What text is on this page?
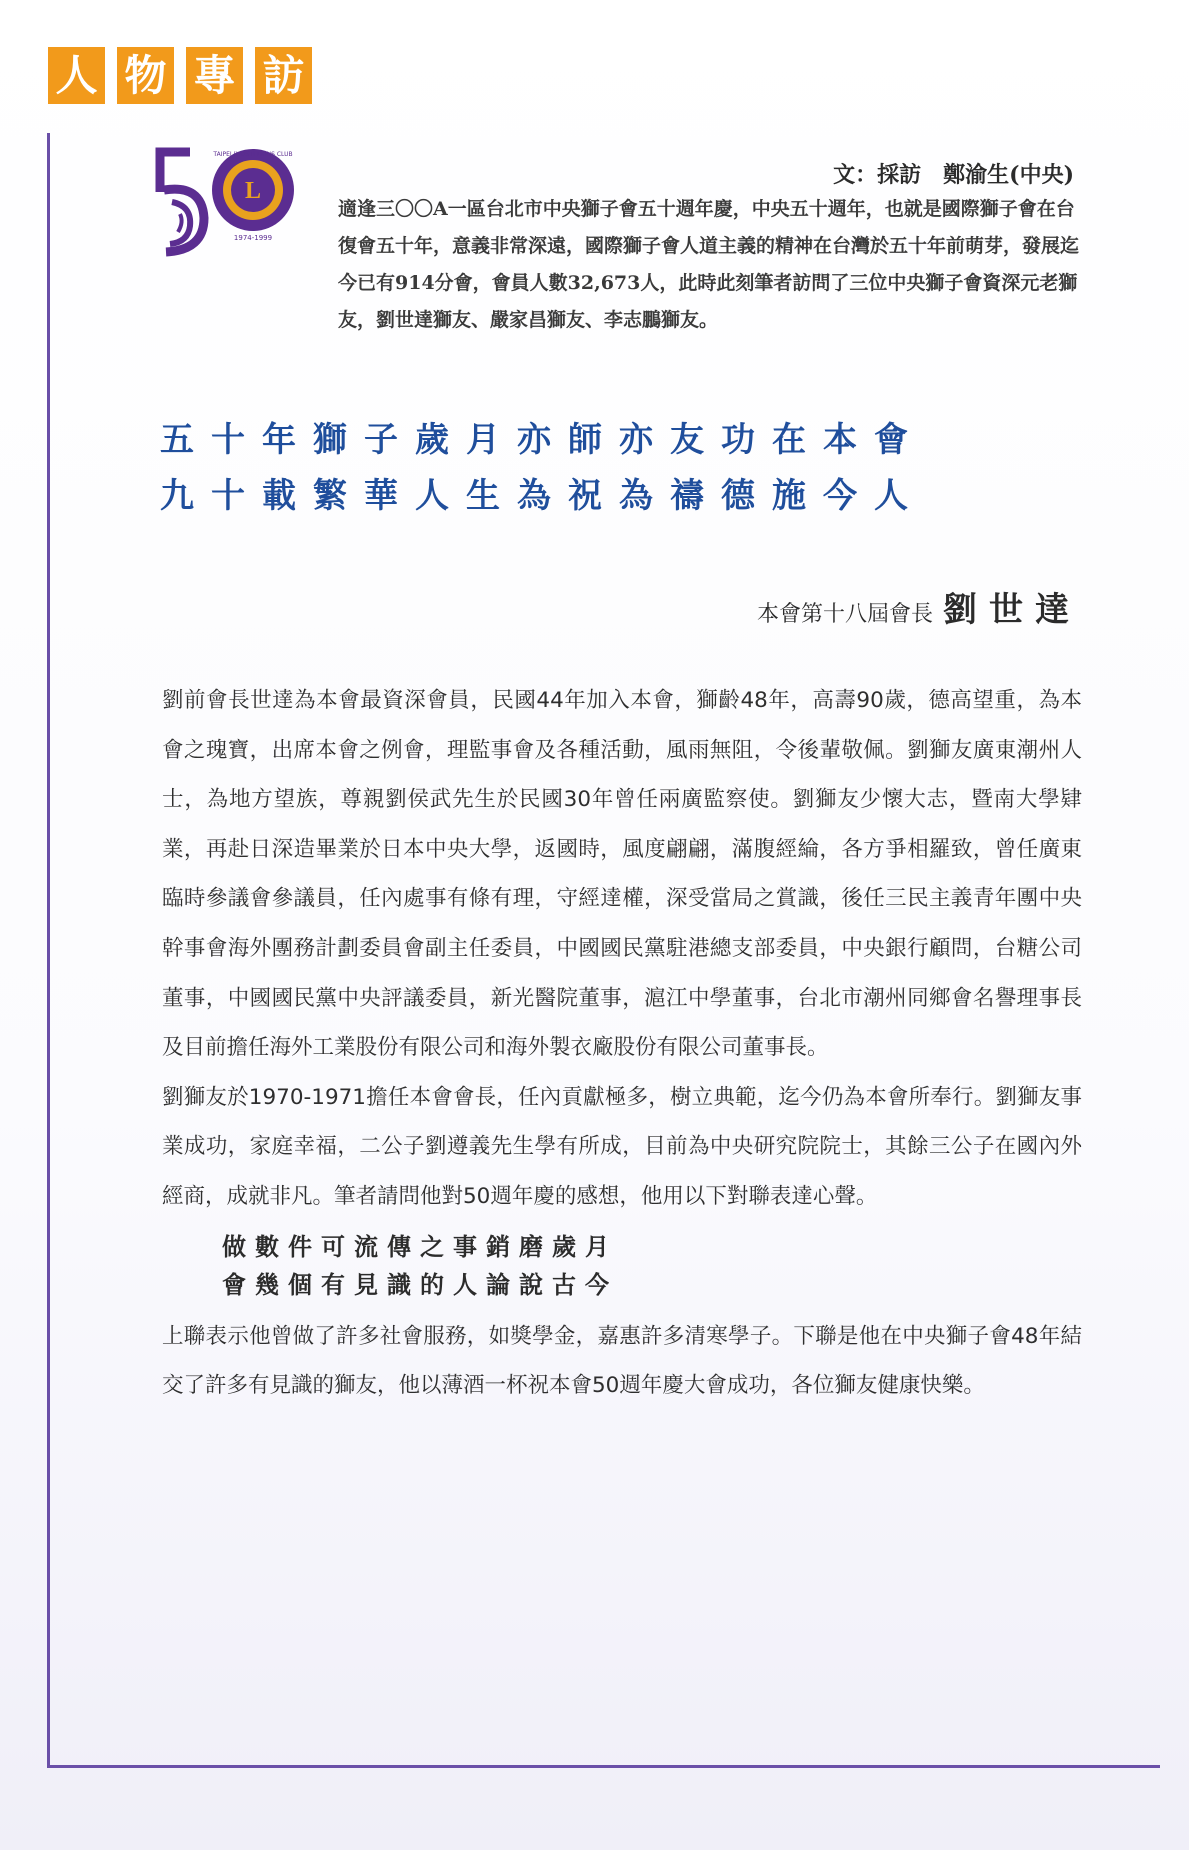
人 物 專 訪
L
TAIPEI (HOST) LIONS CLUB
1974-1999
文：採訪　鄭渝生(中央)

適逢三〇〇A一區台北市中央獅子會五十週年慶，中央五十週年，也就是國際獅子會在台復會五十年，意義非常深遠，國際獅子會人道主義的精神在台灣於五十年前萌芽，發展迄今已有914分會，會員人數32,673人，此時此刻筆者訪問了三位中央獅子會資深元老獅友，劉世達獅友、嚴家昌獅友、李志鵬獅友。

五十年獅子歲月亦師亦友功在本會
九十載繁華人生為祝為禱德施今人
本會第十八屆會長 劉世達

劉前會長世達為本會最資深會員，民國44年加入本會，獅齡48年，高壽90歲，德高望重，為本會之瑰寶，出席本會之例會，理監事會及各種活動，風雨無阻，令後輩敬佩。劉獅友廣東潮州人士，為地方望族，尊親劉侯武先生於民國30年曾任兩廣監察使。劉獅友少懷大志，暨南大學肄業，再赴日深造畢業於日本中央大學，返國時，風度翩翩，滿腹經綸，各方爭相羅致，曾任廣東臨時參議會參議員，任內處事有條有理，守經達權，深受當局之賞識，後任三民主義青年團中央幹事會海外團務計劃委員會副主任委員，中國國民黨駐港總支部委員，中央銀行顧問，台糖公司董事，中國國民黨中央評議委員，新光醫院董事，滬江中學董事，台北市潮州同鄉會名譽理事長及目前擔任海外工業股份有限公司和海外製衣廠股份有限公司董事長。

劉獅友於1970-1971擔任本會會長，任內貢獻極多，樹立典範，迄今仍為本會所奉行。劉獅友事業成功，家庭幸福，二公子劉遵義先生學有所成，目前為中央研究院院士，其餘三公子在國內外經商，成就非凡。筆者請問他對50週年慶的感想，他用以下對聯表達心聲。

做數件可流傳之事銷磨歲月
會幾個有見識的人論說古今

上聯表示他曾做了許多社會服務，如獎學金，嘉惠許多清寒學子。下聯是他在中央獅子會48年結交了許多有見識的獅友，他以薄酒一杯祝本會50週年慶大會成功，各位獅友健康快樂。
